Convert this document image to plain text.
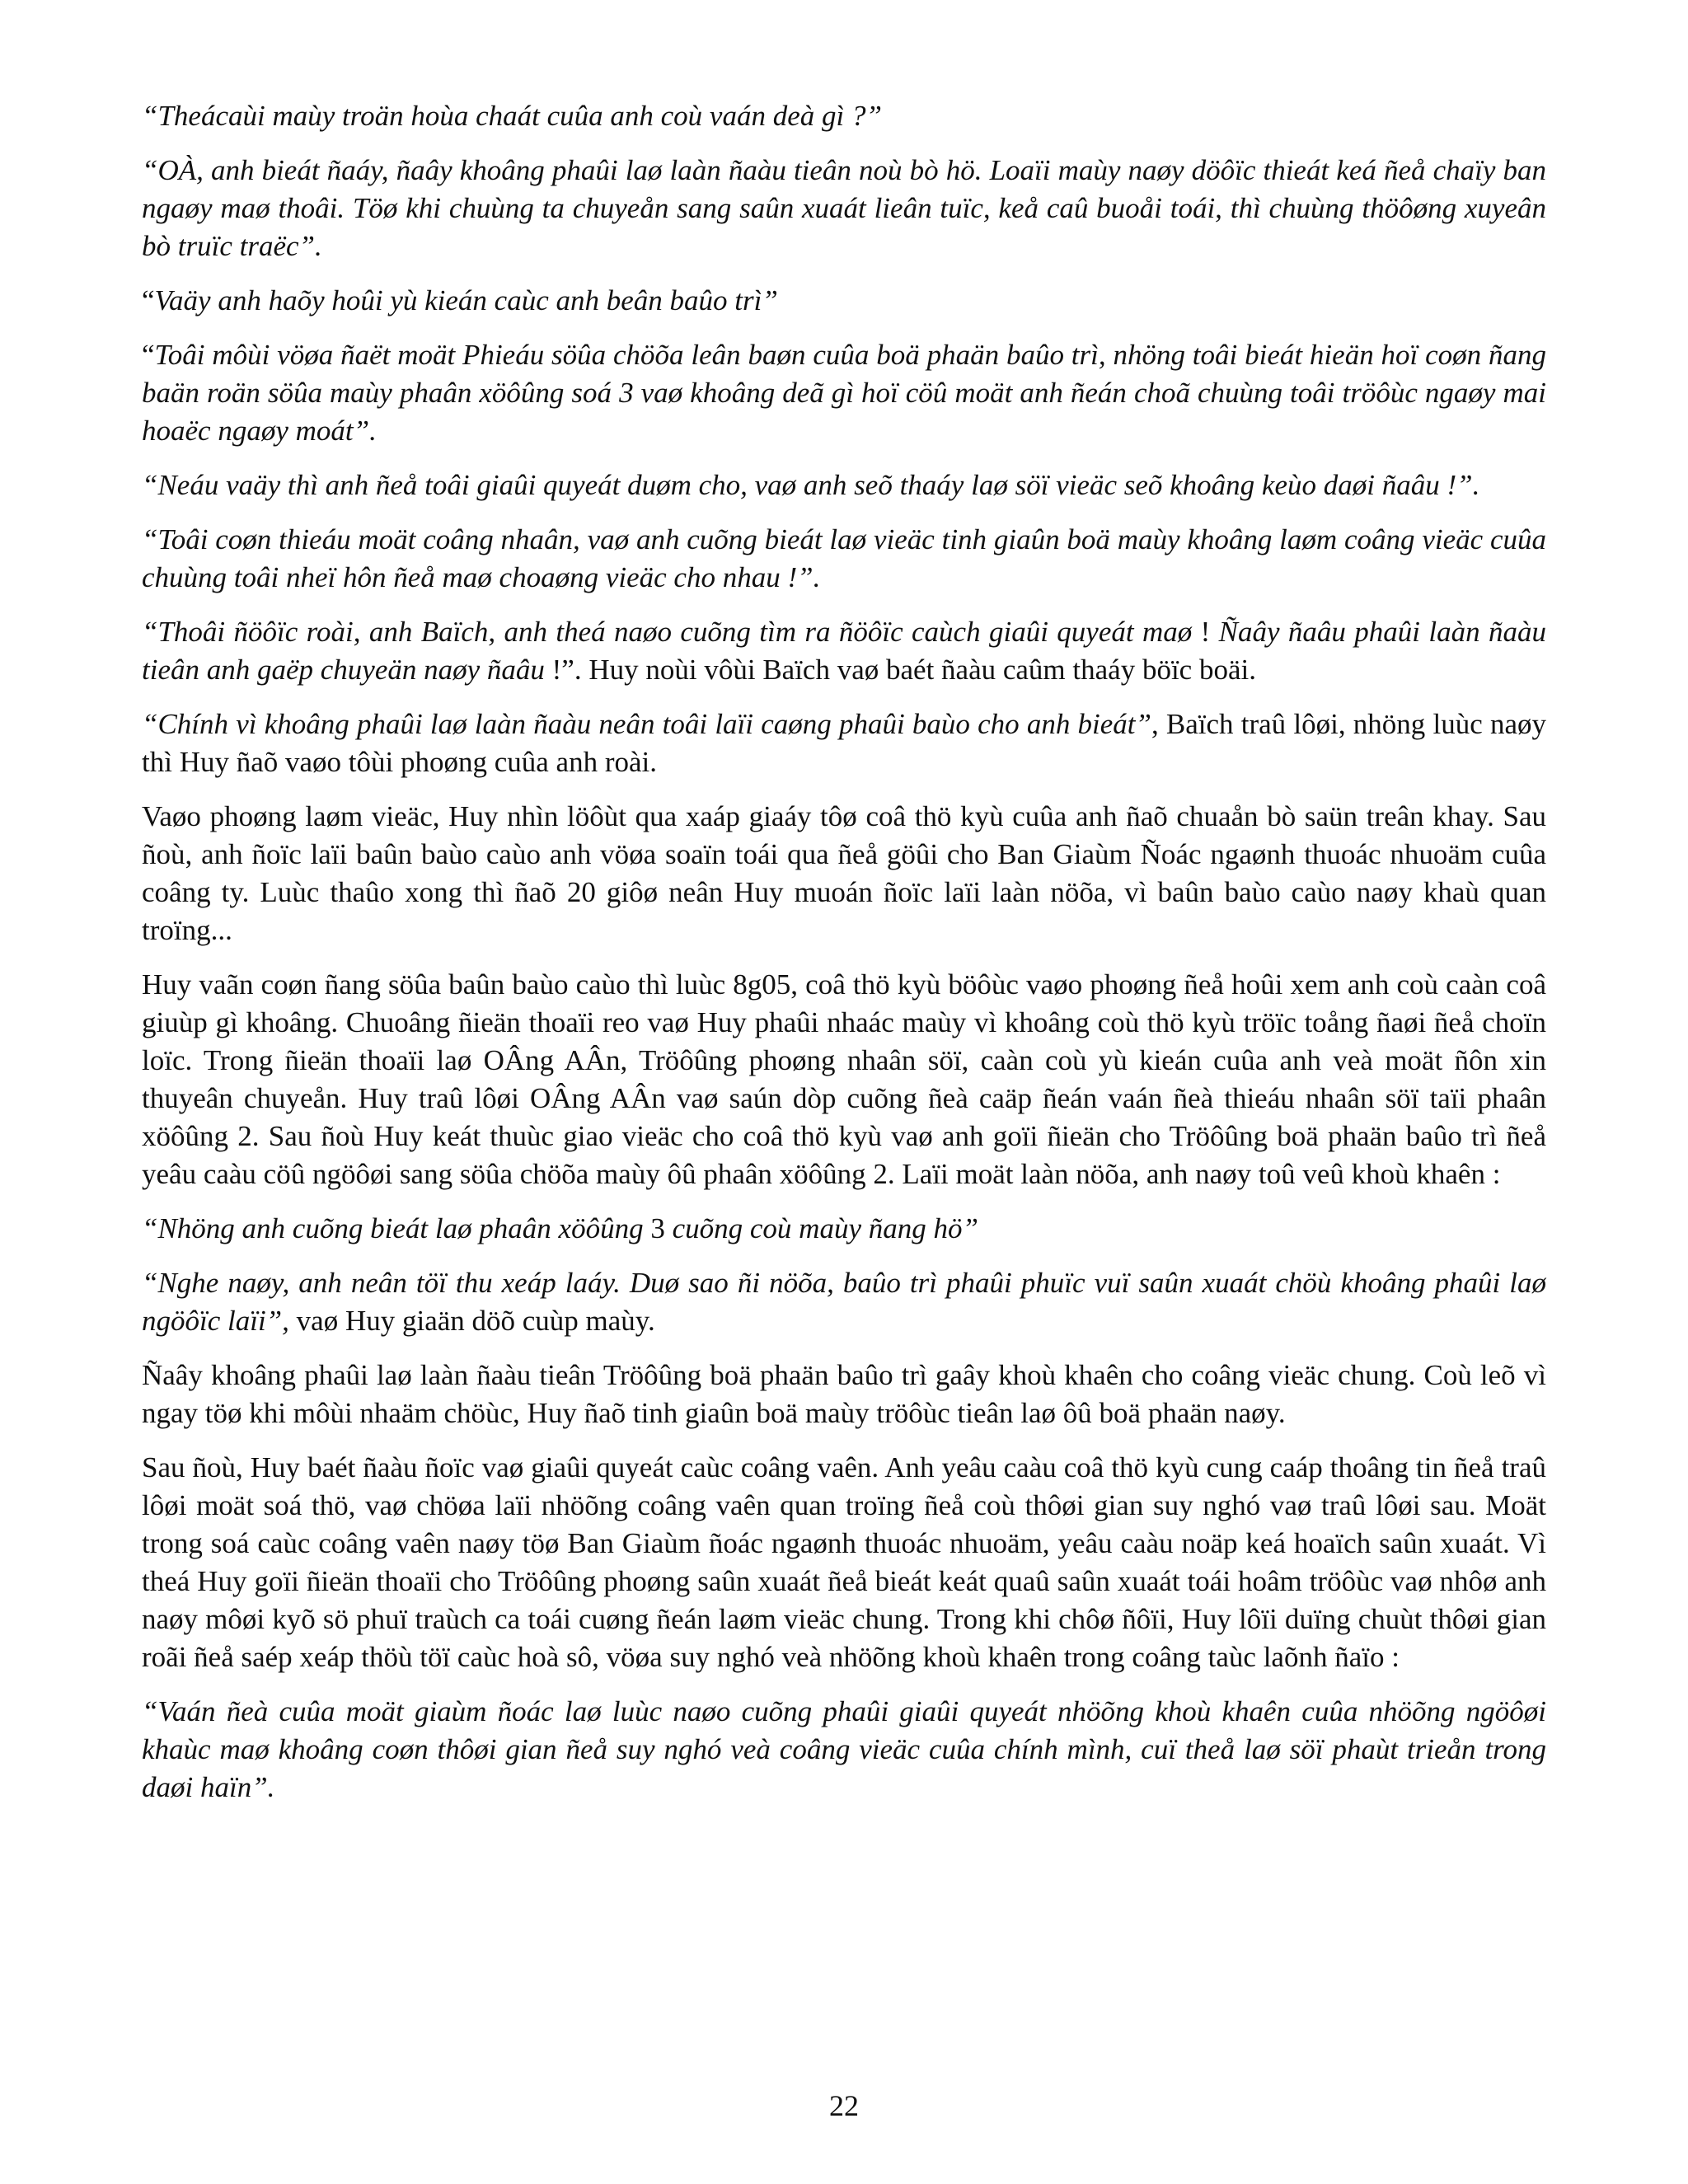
“Theácaùi maùy troän hoùa chaát cuûa anh coù vaán deà gì ?”

“OÀ, anh bieát ñaáy, ñaây khoâng phaûi laø laàn ñaàu tieân noù bò hö. Loaïi maùy naøy döôïc thieát keá ñeå chaïy ban ngaøy maø thoâi. Töø khi chuùng ta chuyeån sang saûn xuaát lieân tuïc, keå caû buoåi toái, thì chuùng thöôøng xuyeân bò truïc traëc”.

“Vaäy anh haõy hoûi yù kieán caùc anh beân baûo trì”

“Toâi môùi vöøa ñaët moät Phieáu söûa chöõa leân baøn cuûa boä phaän baûo trì, nhöng toâi bieát hieän hoï coøn ñang baän roän söûa maùy phaân xöôûng soá 3 vaø khoâng deã gì hoï cöû moät anh ñeán choã chuùng toâi tröôùc ngaøy mai hoaëc ngaøy moát”.

“Neáu vaäy thì anh ñeå toâi giaûi quyeát duøm cho, vaø anh seõ thaáy laø söï vieäc seõ khoâng keùo daøi ñaâu !”.

“Toâi coøn thieáu moät coâng nhaân, vaø anh cuõng bieát laø vieäc tinh giaûn boä maùy khoâng laøm coâng vieäc cuûa chuùng toâi nheï hôn ñeå maø choaøng vieäc cho nhau !”.

“Thoâi ñöôïc roài, anh Baïch, anh theá naøo cuõng tìm ra ñöôïc caùch giaûi quyeát maø ! Ñaây ñaâu phaûi laàn ñaàu tieân anh gaëp chuyeän naøy ñaâu !”. Huy noùi vôùi Baïch vaø baét ñaàu caûm thaáy böïc boäi.

“Chính vì khoâng phaûi laø laàn ñaàu neân toâi laïi caøng phaûi baùo cho anh bieát”, Baïch traû lôøi, nhöng luùc naøy thì Huy ñaõ vaøo tôùi phoøng cuûa anh roài.

Vaøo phoøng laøm vieäc, Huy nhìn löôùt qua xaáp giaáy tôø coâ thö kyù cuûa anh ñaõ chuaån bò saün treân khay. Sau ñoù, anh ñoïc laïi baûn baùo caùo anh vöøa soaïn toái qua ñeå göûi cho Ban Giaùm Ñoác ngaønh thuoác nhuoäm cuûa coâng ty. Luùc thaûo xong thì ñaõ 20 giôø neân Huy muoán ñoïc laïi laàn nöõa, vì baûn baùo caùo naøy khaù quan troïng...

Huy vaãn coøn ñang söûa baûn baùo caùo thì luùc 8g05, coâ thö kyù böôùc vaøo phoøng ñeå hoûi xem anh coù caàn coâ giuùp gì khoâng. Chuoâng ñieän thoaïi reo vaø Huy phaûi nhaác maùy vì khoâng coù thö kyù tröïc toång ñaøi ñeå choïn loïc. Trong ñieän thoaïi laø OÂng AÂn, Tröôûng phoøng nhaân söï, caàn coù yù kieán cuûa anh veà moät ñôn xin thuyeân chuyeån. Huy traû lôøi OÂng AÂn vaø saún dòp cuõng ñeà caäp ñeán vaán ñeà thieáu nhaân söï taïi phaân xöôûng 2. Sau ñoù Huy keát thuùc giao vieäc cho coâ thö kyù vaø anh goïi ñieän cho Tröôûng boä phaän baûo trì ñeå yeâu caàu cöû ngöôøi sang söûa chöõa maùy ôû phaân xöôûng 2. Laïi moät laàn nöõa, anh naøy toû veû khoù khaên :

“Nhöng anh cuõng bieát laø phaân xöôûng 3 cuõng coù maùy ñang hö”

“Nghe naøy, anh neân töï thu xeáp laáy. Duø sao ñi nöõa, baûo trì phaûi phuïc vuï saûn xuaát chöù khoâng phaûi laø ngöôïc laïi”, vaø Huy giaän döõ cuùp maùy.

Ñaây khoâng phaûi laø laàn ñaàu tieân Tröôûng boä phaän baûo trì gaây khoù khaên cho coâng vieäc chung. Coù leõ vì ngay töø khi môùi nhaäm chöùc, Huy ñaõ tinh giaûn boä maùy tröôùc tieân laø ôû boä phaän naøy.

Sau ñoù, Huy baét ñaàu ñoïc vaø giaûi quyeát caùc coâng vaên. Anh yeâu caàu coâ thö kyù cung caáp thoâng tin ñeå traû lôøi moät soá thö, vaø chöøa laïi nhöõng coâng vaên quan troïng ñeå coù thôøi gian suy nghó vaø traû lôøi sau. Moät trong soá caùc coâng vaên naøy töø Ban Giaùm ñoác ngaønh thuoác nhuoäm, yeâu caàu noäp keá hoaïch saûn xuaát. Vì theá Huy goïi ñieän thoaïi cho Tröôûng phoøng saûn xuaát ñeå bieát keát quaû saûn xuaát toái hoâm tröôùc vaø nhôø anh naøy môøi kyõ sö phuï traùch ca toái cuøng ñeán laøm vieäc chung. Trong khi chôø ñôïi, Huy lôïi duïng chuùt thôøi gian roãi ñeå saép xeáp thöù töï caùc hoà sô, vöøa suy nghó veà nhöõng khoù khaên trong coâng taùc laõnh ñaïo :

“Vaán ñeà cuûa moät giaùm ñoác laø luùc naøo cuõng phaûi giaûi quyeát nhöõng khoù khaên cuûa nhöõng ngöôøi khaùc maø khoâng coøn thôøi gian ñeå suy nghó veà coâng vieäc cuûa chính mình, cuï theå laø söï phaùt trieån trong daøi haïn”.

22
